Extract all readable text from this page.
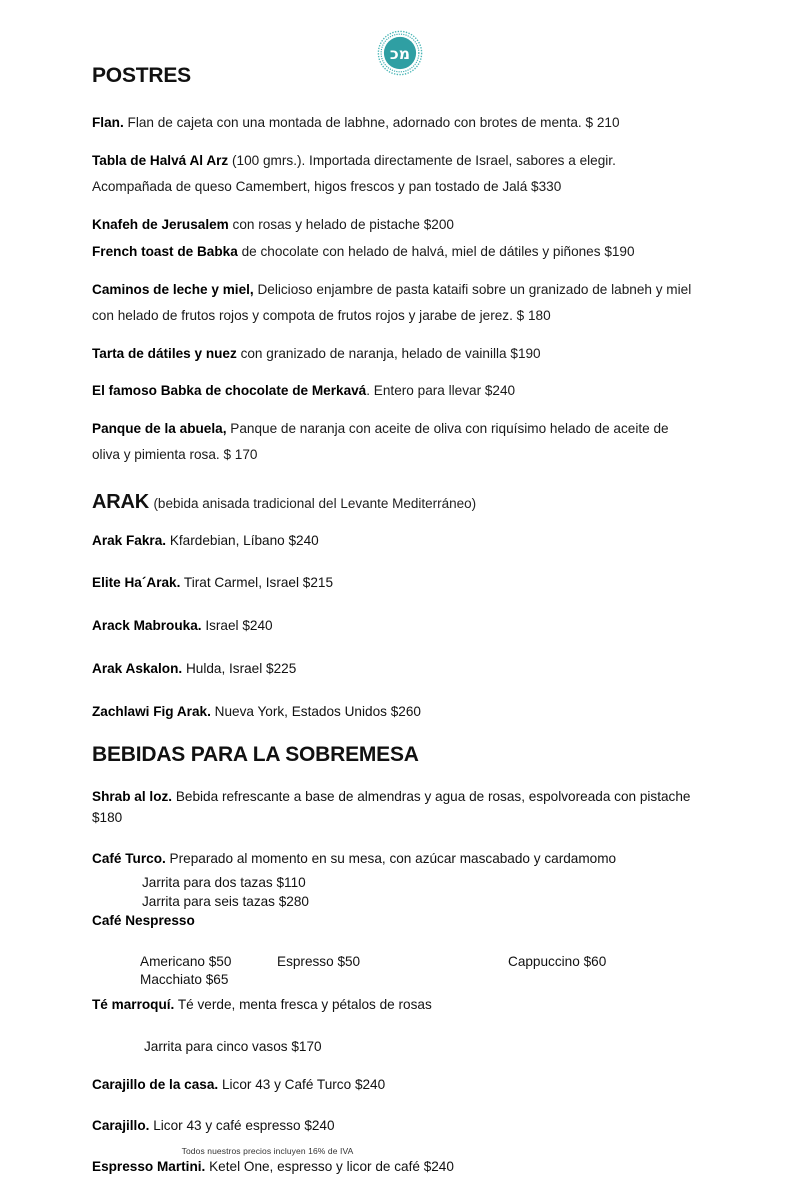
מכ
POSTRES

Flan. Flan de cajeta con una montada de labhne, adornado con brotes de menta. $ 210

Tabla de Halvá Al Arz (100 gmrs.). Importada directamente de Israel, sabores a elegir.
Acompañada de queso Camembert, higos frescos y pan tostado de Jalá $330

Knafeh de Jerusalem con rosas y helado de pistache $200

French toast de Babka de chocolate con helado de halvá, miel de dátiles y piñones $190

Caminos de leche y miel, Delicioso enjambre de pasta kataifi sobre un granizado de labneh y miel
con helado de frutos rojos y compota de frutos rojos y jarabe de jerez. $ 180

Tarta de dátiles y nuez con granizado de naranja, helado de vainilla $190

El famoso Babka de chocolate de Merkavá. Entero para llevar $240

Panque de la abuela, Panque de naranja con aceite de oliva con riquísimo helado de aceite de
oliva y pimienta rosa. $ 170

ARAK (bebida anisada tradicional del Levante Mediterráneo)

Arak Fakra. Kfardebian, Líbano $240

Elite Ha´Arak. Tirat Carmel, Israel $215

Arack Mabrouka. Israel $240

Arak Askalon. Hulda, Israel $225

Zachlawi Fig Arak. Nueva York, Estados Unidos $260

BEBIDAS PARA LA SOBREMESA

Shrab al loz. Bebida refrescante a base de almendras y agua de rosas, espolvoreada con pistache
$180

Café Turco. Preparado al momento en su mesa, con azúcar mascabado y cardamomo

Jarrita para dos tazas $110

Jarrita para seis tazas $280

Café Nespresso

Americano $50	Espresso $50	Cappuccino $60
Macchiato $65

Té marroquí. Té verde, menta fresca y pétalos de rosas

Jarrita para cinco vasos $170

Carajillo de la casa. Licor 43 y Café Turco $240

Carajillo. Licor 43 y café espresso $240

Espresso Martini. Ketel One, espresso y licor de café $240

Todos nuestros precios incluyen 16% de IVA
